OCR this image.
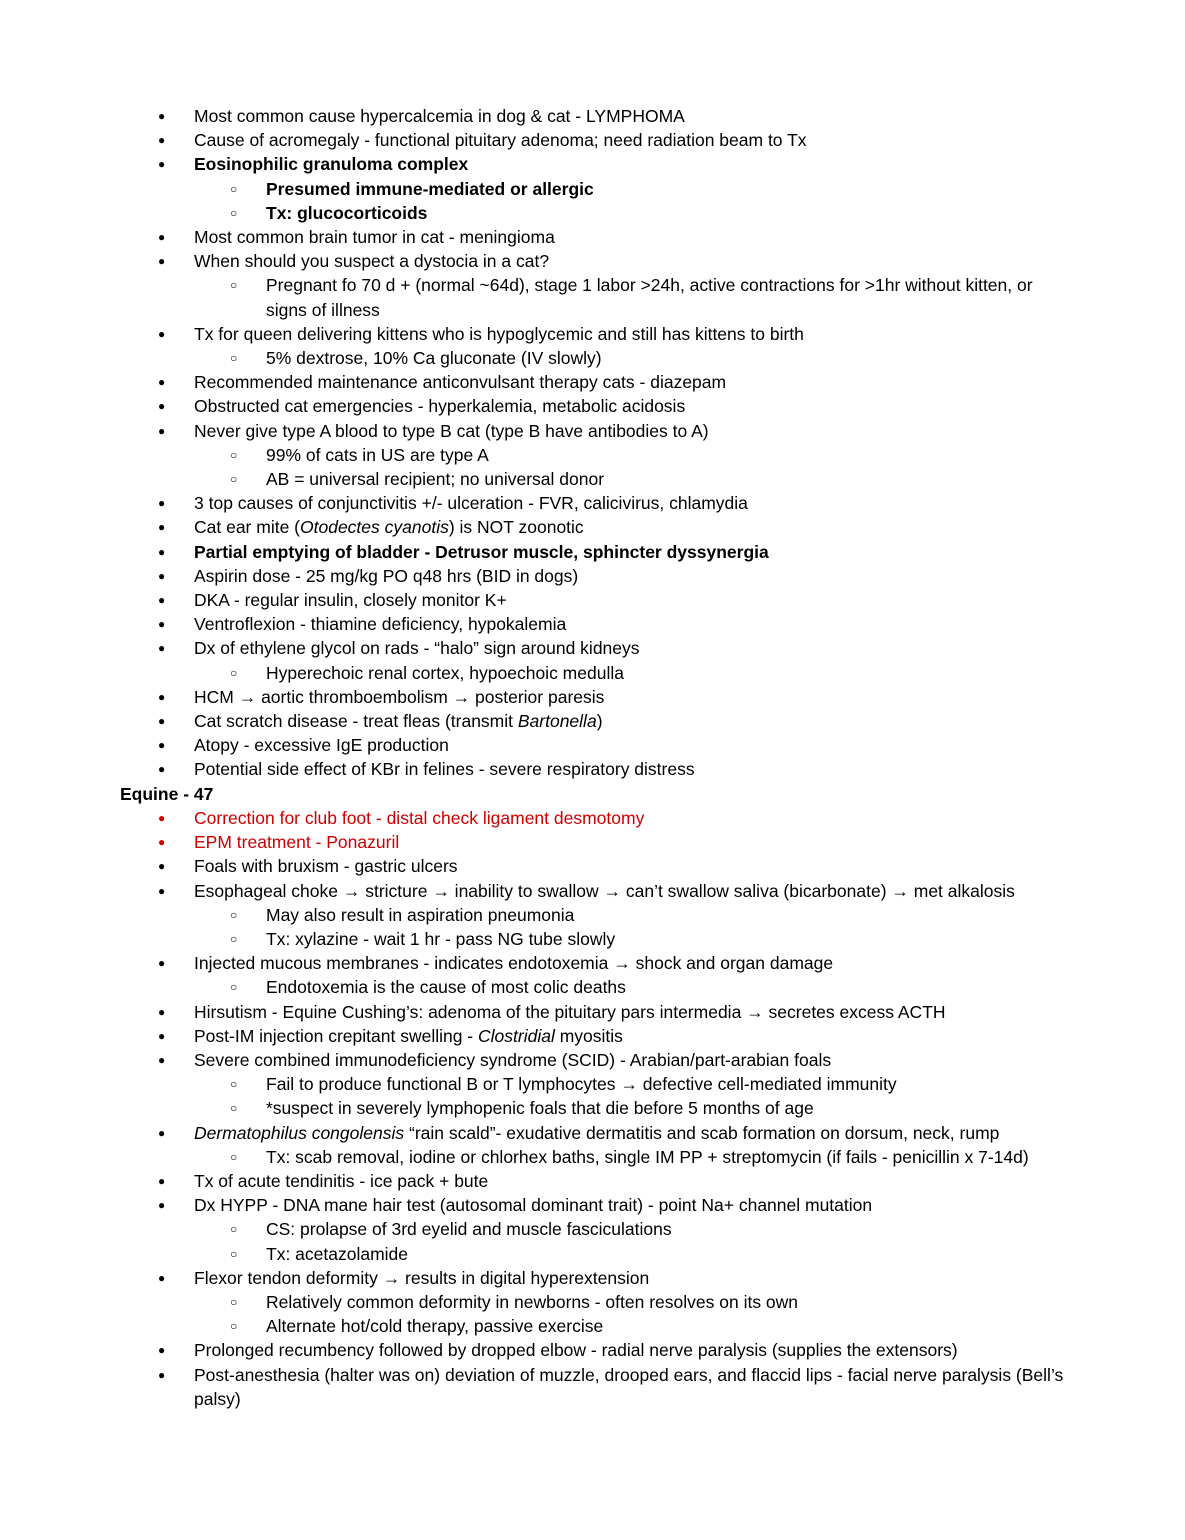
● Most common cause hypercalcemia in dog & cat - LYMPHOMA
● Cause of acromegaly - functional pituitary adenoma; need radiation beam to Tx
● Eosinophilic granuloma complex
○ Presumed immune-mediated or allergic
○ Tx: glucocorticoids
● Most common brain tumor in cat - meningioma
● When should you suspect a dystocia in a cat?
○ Pregnant fo 70 d + (normal ~64d), stage 1 labor >24h, active contractions for >1hr without kitten, or signs of illness
● Tx for queen delivering kittens who is hypoglycemic and still has kittens to birth
○ 5% dextrose, 10% Ca gluconate (IV slowly)
● Recommended maintenance anticonvulsant therapy cats - diazepam
● Obstructed cat emergencies - hyperkalemia, metabolic acidosis
● Never give type A blood to type B cat (type B have antibodies to A)
○ 99% of cats in US are type A
○ AB = universal recipient; no universal donor
● 3 top causes of conjunctivitis +/- ulceration - FVR, calicivirus, chlamydia
● Cat ear mite (Otodectes cyanotis) is NOT zoonotic
● Partial emptying of bladder - Detrusor muscle, sphincter dyssynergia
● Aspirin dose - 25 mg/kg PO q48 hrs (BID in dogs)
● DKA - regular insulin, closely monitor K+
● Ventroflexion - thiamine deficiency, hypokalemia
● Dx of ethylene glycol on rads - “halo” sign around kidneys
○ Hyperechoic renal cortex, hypoechoic medulla
● HCM → aortic thromboembolism → posterior paresis
● Cat scratch disease - treat fleas (transmit Bartonella)
● Atopy - excessive IgE production
● Potential side effect of KBr in felines - severe respiratory distress
Equine - 47
● Correction for club foot - distal check ligament desmotomy
● EPM treatment - Ponazuril
● Foals with bruxism - gastric ulcers
● Esophageal choke → stricture → inability to swallow → can’t swallow saliva (bicarbonate) → met alkalosis
○ May also result in aspiration pneumonia
○ Tx: xylazine - wait 1 hr - pass NG tube slowly
● Injected mucous membranes - indicates endotoxemia → shock and organ damage
○ Endotoxemia is the cause of most colic deaths
● Hirsutism - Equine Cushing’s: adenoma of the pituitary pars intermedia → secretes excess ACTH
● Post-IM injection crepitant swelling - Clostridial myositis
● Severe combined immunodeficiency syndrome (SCID) - Arabian/part-arabian foals
○ Fail to produce functional B or T lymphocytes → defective cell-mediated immunity
○ *suspect in severely lymphopenic foals that die before 5 months of age
● Dermatophilus congolensis “rain scald”- exudative dermatitis and scab formation on dorsum, neck, rump
○ Tx: scab removal, iodine or chlorhex baths, single IM PP + streptomycin (if fails - penicillin x 7-14d)
● Tx of acute tendinitis - ice pack + bute
● Dx HYPP - DNA mane hair test (autosomal dominant trait) - point Na+ channel mutation
○ CS: prolapse of 3rd eyelid and muscle fasciculations
○ Tx: acetazolamide
● Flexor tendon deformity → results in digital hyperextension
○ Relatively common deformity in newborns - often resolves on its own
○ Alternate hot/cold therapy, passive exercise
● Prolonged recumbency followed by dropped elbow - radial nerve paralysis (supplies the extensors)
● Post-anesthesia (halter was on) deviation of muzzle, drooped ears, and flaccid lips - facial nerve paralysis (Bell’s palsy)
